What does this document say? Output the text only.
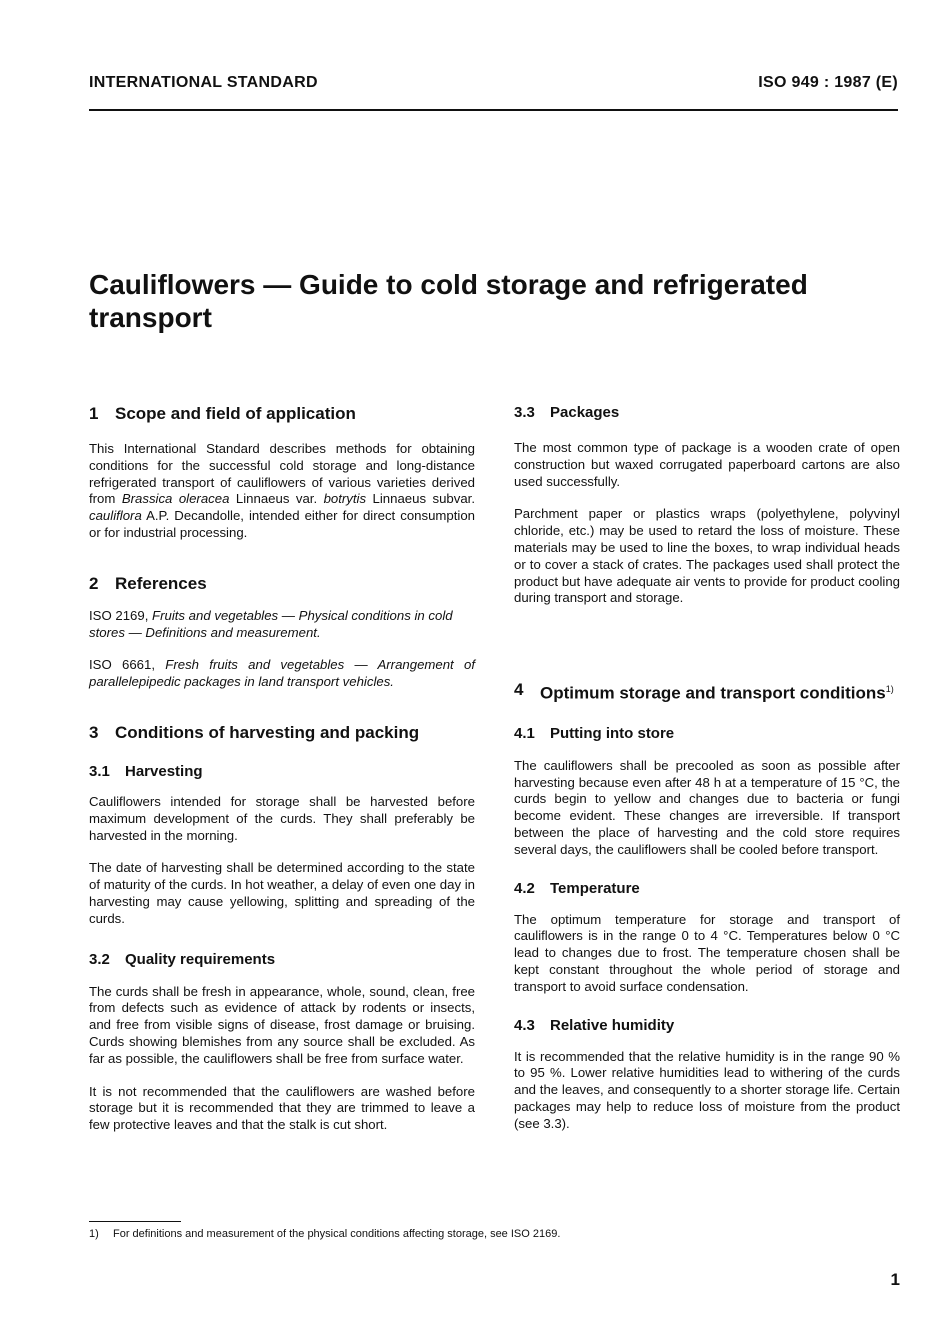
INTERNATIONAL STANDARD	ISO 949 : 1987 (E)
Cauliflowers — Guide to cold storage and refrigerated transport
1 Scope and field of application

This International Standard describes methods for obtaining conditions for the successful cold storage and long-distance refrigerated transport of cauliflowers of various varieties derived from Brassica oleracea Linnaeus var. botrytis Linnaeus subvar. cauliflora A.P. Decandolle, intended either for direct consumption or for industrial processing.

2 References

ISO 2169, Fruits and vegetables — Physical conditions in cold stores — Definitions and measurement.

ISO 6661, Fresh fruits and vegetables — Arrangement of parallelepipedic packages in land transport vehicles.

3 Conditions of harvesting and packing
3.1 Harvesting

Cauliflowers intended for storage shall be harvested before maximum development of the curds. They shall preferably be harvested in the morning.

The date of harvesting shall be determined according to the state of maturity of the curds. In hot weather, a delay of even one day in harvesting may cause yellowing, splitting and spreading of the curds.

3.2 Quality requirements

The curds shall be fresh in appearance, whole, sound, clean, free from defects such as evidence of attack by rodents or insects, and free from visible signs of disease, frost damage or bruising. Curds showing blemishes from any source shall be excluded. As far as possible, the cauliflowers shall be free from surface water.

It is not recommended that the cauliflowers are washed before storage but it is recommended that they are trimmed to leave a few protective leaves and that the stalk is cut short.

3.3 Packages

The most common type of package is a wooden crate of open construction but waxed corrugated paperboard cartons are also used successfully.

Parchment paper or plastics wraps (polyethylene, polyvinyl chloride, etc.) may be used to retard the loss of moisture. These materials may be used to line the boxes, to wrap individual heads or to cover a stack of crates. The packages used shall protect the product but have adequate air vents to provide for product cooling during transport and storage.

4 Optimum storage and transport conditions$^{1)}$
4.1 Putting into store

The cauliflowers shall be precooled as soon as possible after harvesting because even after 48 h at a temperature of 15 °C, the curds begin to yellow and changes due to bacteria or fungi become evident. These changes are irreversible. If transport between the place of harvesting and the cold store requires several days, the cauliflowers shall be cooled before transport.

4.2 Temperature

The optimum temperature for storage and transport of cauliflowers is in the range 0 to 4 °C. Temperatures below 0 °C lead to changes due to frost. The temperature chosen shall be kept constant throughout the whole period of storage and transport to avoid surface condensation.

4.3 Relative humidity

It is recommended that the relative humidity is in the range 90 % to 95 %. Lower relative humidities lead to withering of the curds and the leaves, and consequently to a shorter storage life. Certain packages may help to reduce loss of moisture from the product (see 3.3).

1) For definitions and measurement of the physical conditions affecting storage, see ISO 2169.
1
